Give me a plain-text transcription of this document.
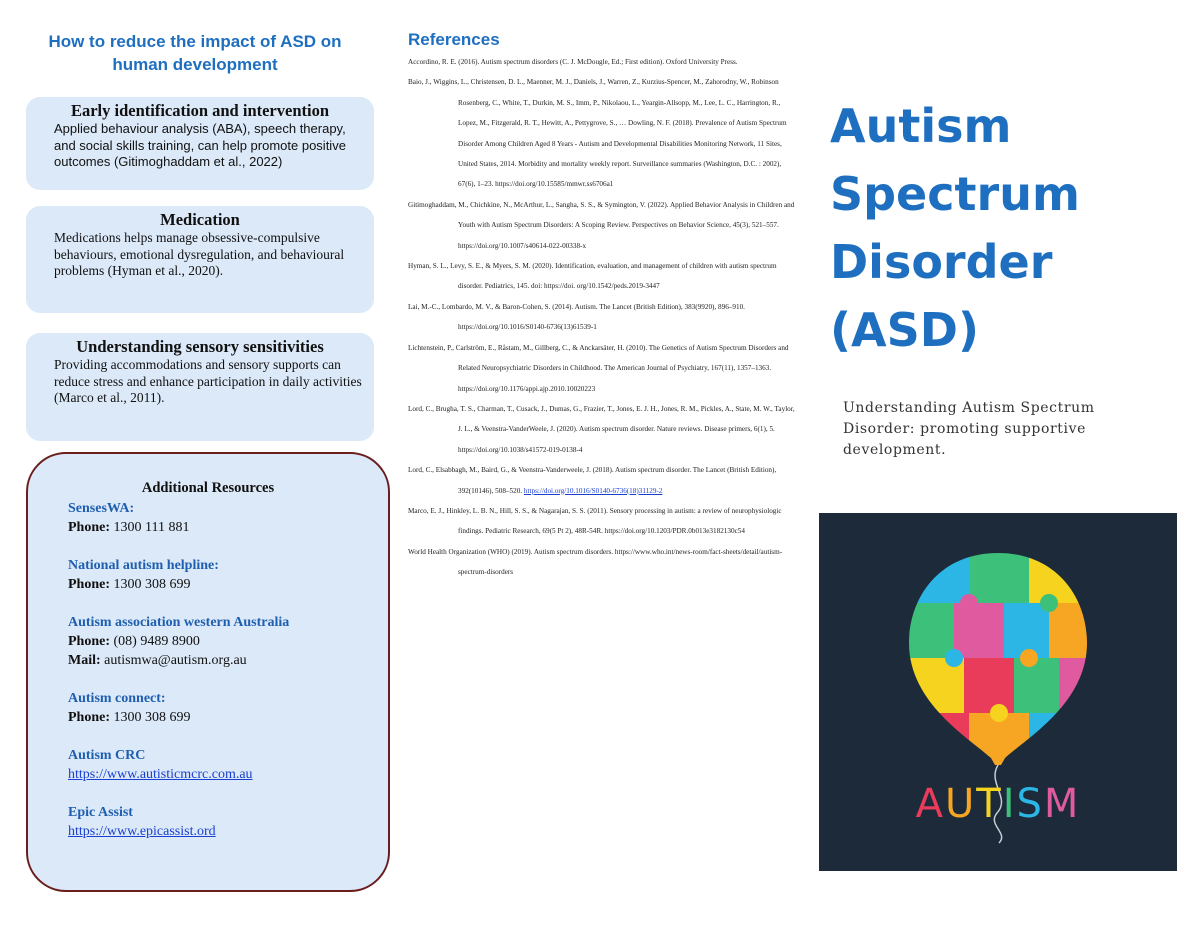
How to reduce the impact of ASD on human development
Early identification and intervention

Applied behaviour analysis (ABA), speech therapy, and social skills training, can help promote positive outcomes (Gitimoghaddam et al., 2022)

Medication

Medications helps manage obsessive-compulsive behaviours, emotional dysregulation, and behavioural problems (Hyman et al., 2020).

Understanding sensory sensitivities

Providing accommodations and sensory supports can reduce stress and enhance participation in daily activities (Marco et al., 2011).

Additional Resources
SensesWA:
Phone: 1300 111 881
National autism helpline:
Phone: 1300 308 699
Autism association western Australia
Phone: (08) 9489 8900
Mail: autismwa@autism.org.au
Autism connect:
Phone: 1300 308 699
Autism CRC
https://www.autisticmcrc.com.au
Epic Assist
https://www.epicassist.ord
References

Accordino, R. E. (2016). Autism spectrum disorders (C. J. McDougle, Ed.; First edition). Oxford University Press.

Baio, J., Wiggins, L., Christensen, D. L., Maenner, M. J., Daniels, J., Warren, Z., Kurzius-Spencer, M., Zahorodny, W., Robinson Rosenberg, C., White, T., Durkin, M. S., Imm, P., Nikolaou, L., Yeargin-Allsopp, M., Lee, L. C., Harrington, R., Lopez, M., Fitzgerald, R. T., Hewitt, A., Pettygrove, S., … Dowling, N. F. (2018). Prevalence of Autism Spectrum Disorder Among Children Aged 8 Years - Autism and Developmental Disabilities Monitoring Network, 11 Sites, United States, 2014. Morbidity and mortality weekly report. Surveillance summaries (Washington, D.C. : 2002), 67(6), 1–23. https://doi.org/10.15585/mmwr.ss6706a1

Gitimoghaddam, M., Chichkine, N., McArthur, L., Sangha, S. S., & Symington, V. (2022). Applied Behavior Analysis in Children and Youth with Autism Spectrum Disorders: A Scoping Review. Perspectives on Behavior Science, 45(3), 521–557. https://doi.org/10.1007/s40614-022-00338-x

Hyman, S. L., Levy, S. E., & Myers, S. M. (2020). Identification, evaluation, and management of children with autism spectrum disorder. Pediatrics, 145. doi: https://doi. org/10.1542/peds.2019-3447

Lai, M.-C., Lombardo, M. V., & Baron-Cohen, S. (2014). Autism. The Lancet (British Edition), 383(9920), 896–910. https://doi.org/10.1016/S0140-6736(13)61539-1

Lichtenstein, P., Carlström, E., Råstam, M., Gillberg, C., & Anckarsäter, H. (2010). The Genetics of Autism Spectrum Disorders and Related Neuropsychiatric Disorders in Childhood. The American Journal of Psychiatry, 167(11), 1357–1363. https://doi.org/10.1176/appi.ajp.2010.10020223

Lord, C., Brugha, T. S., Charman, T., Cusack, J., Dumas, G., Frazier, T., Jones, E. J. H., Jones, R. M., Pickles, A., State, M. W., Taylor, J. L., & Veenstra-VanderWeele, J. (2020). Autism spectrum disorder. Nature reviews. Disease primers, 6(1), 5. https://doi.org/10.1038/s41572-019-0138-4

Lord, C., Elsabbagh, M., Baird, G., & Veenstra-Vanderweele, J. (2018). Autism spectrum disorder. The Lancet (British Edition), 392(10146), 508–520. https://doi.org/10.1016/S0140-6736(18)31129-2

Marco, E. J., Hinkley, L. B. N., Hill, S. S., & Nagarajan, S. S. (2011). Sensory processing in autism: a review of neurophysiologic findings. Pediatric Research, 69(5 Pt 2), 48R-54R. https://doi.org/10.1203/PDR.0b013e3182130c54

World Health Organization (WHO) (2019). Autism spectrum disorders. https://www.who.int/news-room/fact-sheets/detail/autism-spectrum-disorders

Autism
Spectrum
Disorder
(ASD)
Understanding Autism Spectrum Disorder: promoting supportive development.
AUTISM
